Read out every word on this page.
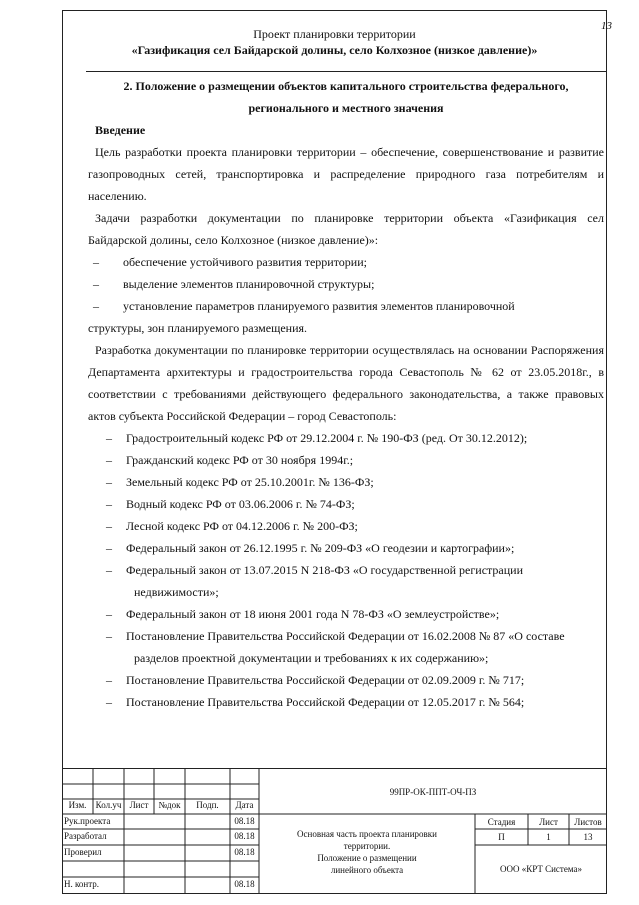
13
Проект планировки территории
«Газификация сел Байдарской долины, село Колхозное (низкое давление)»
2. Положение о размещении объектов капитального строительства федерального,
регионального и местного значения
Введение
Цель разработки проекта планировки территории – обеспечение, совершенствование и развитие газопроводных сетей, транспортировка и распределение природного газа потребителям и населению.
Задачи разработки документации по планировке территории объекта «Газификация сел Байдарской долины, село Колхозное (низкое давление)»:
–	обеспечение устойчивого развития территории;
–	выделение элементов планировочной структуры;
–	установление параметров планируемого развития элементов планировочной
структуры, зон планируемого размещения.
Разработка документации по планировке территории осуществлялась на основании Распоряжения Департамента архитектуры и градостроительства города Севастополь № 62 от 23.05.2018г., в соответствии с требованиями действующего федерального законодательства, а также правовых актов субъекта Российской Федерации – город Севастополь:
–	Градостроительный кодекс РФ от 29.12.2004 г. № 190-ФЗ (ред. От 30.12.2012);
–	Гражданский кодекс РФ от 30 ноября 1994г.;
–	Земельный кодекс РФ от 25.10.2001г. № 136-ФЗ;
–	Водный кодекс РФ от 03.06.2006 г. № 74-ФЗ;
–	Лесной кодекс РФ от 04.12.2006 г. № 200-ФЗ;
–	Федеральный закон от 26.12.1995 г. № 209-ФЗ «О геодезии и картографии»;
–	Федеральный закон от 13.07.2015 N 218-ФЗ «О государственной регистрации
недвижимости»;
–	Федеральный закон от 18 июня 2001 года N 78-ФЗ «О землеустройстве»;
–	Постановление Правительства Российской Федерации от 16.02.2008 № 87 «О составе
разделов проектной документации и требованиях к их содержанию»;
–	Постановление Правительства Российской Федерации от 02.09.2009 г. № 717;
–	Постановление Правительства Российской Федерации от 12.05.2017 г. № 564;
99ПР-ОК-ППТ-ОЧ-ПЗ
Изм.	Кол.уч Лист	№док	Подп.	Дата
Рук.проекта	08.18
Разработал	08.18
Проверил	08.18
Н. контр.	08.18
Основная часть проекта планировки
территории.
Положение о размещении
линейного объекта
Стадия	Лист	Листов
П	1	13
ООО «КРТ Система»
